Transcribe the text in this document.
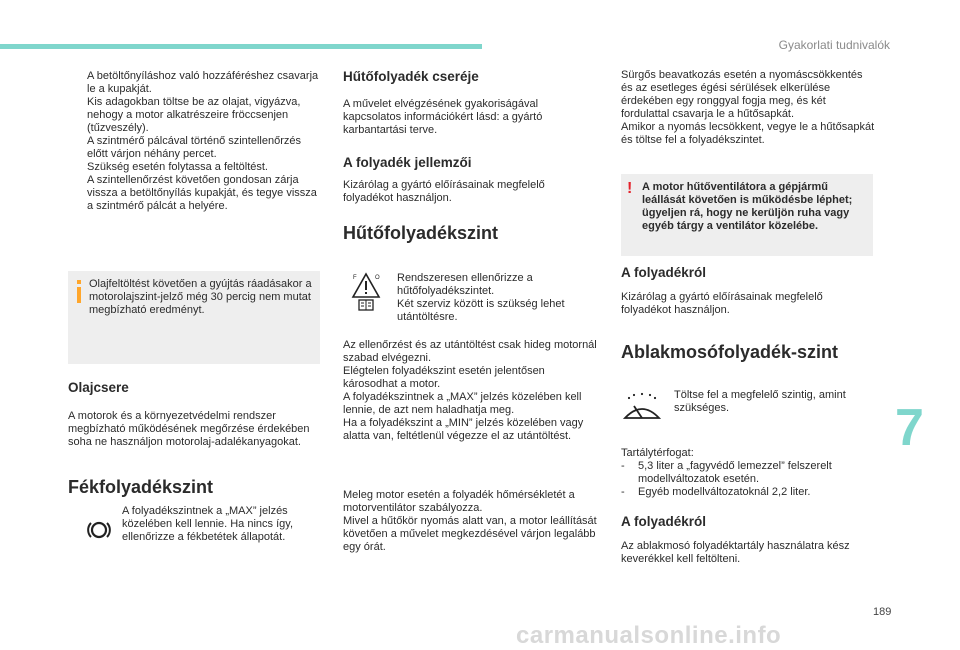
Gyakorlati tudnivalók
A betöltőnyíláshoz való hozzáféréshez csavarja le a kupakját.
Kis adagokban töltse be az olajat, vigyázva, nehogy a motor alkatrészeire fröccsenjen (tűzveszély).
A szintmérő pálcával történő szintellenőrzés előtt várjon néhány percet.
Szükség esetén folytassa a feltöltést.
A szintellenőrzést követően gondosan zárja vissza a betöltőnyílás kupakját, és tegye vissza a szintmérő pálcát a helyére.
Olajfeltöltést követően a gyújtás ráadásakor a motorolajszint-jelző még 30 percig nem mutat megbízható eredményt.
Olajcsere

A motorok és a környezetvédelmi rendszer megbízható működésének megőrzése érdekében soha ne használjon motorolaj-adalékanyagokat.

Fékfolyadékszint

A folyadékszintnek a „MAX” jelzés közelében kell lennie. Ha nincs így, ellenőrizze a fékbetétek állapotát.

Hűtőfolyadék cseréje

A művelet elvégzésének gyakoriságával kapcsolatos információkért lásd: a gyártó karbantartási terve.

A folyadék jellemzői

Kizárólag a gyártó előírásainak megfelelő folyadékot használjon.

Hűtőfolyadékszint
F	O Rendszeresen ellenőrizze a hűtőfolyadékszintet.
Két szerviz között is szükség lehet utántöltésre.

Az ellenőrzést és az utántöltést csak hideg motornál szabad elvégezni.
Elégtelen folyadékszint esetén jelentősen károsodhat a motor.
A folyadékszintnek a „MAX” jelzés közelében kell lennie, de azt nem haladhatja meg.
Ha a folyadékszint a „MIN” jelzés közelében vagy alatta van, feltétlenül végezze el az utántöltést.

Meleg motor esetén a folyadék hőmérsékletét a motorventilátor szabályozza.
Mivel a hűtőkör nyomás alatt van, a motor leállítását követően a művelet megkezdésével várjon legalább egy órát.

Sürgős beavatkozás esetén a nyomáscsökkentés és az esetleges égési sérülések elkerülése érdekében egy ronggyal fogja meg, és két fordulattal csavarja le a hűtősapkát.
Amikor a nyomás lecsökkent, vegye le a hűtősapkát és töltse fel a folyadékszintet.

! A motor hűtőventilátora a gépjármű leállását követően is működésbe léphet; ügyeljen rá, hogy ne kerüljön ruha vagy egyéb tárgy a ventilátor közelébe.
A folyadékról

Kizárólag a gyártó előírásainak megfelelő folyadékot használjon.

Ablakmosófolyadék-szint

Töltse fel a megfelelő szintig, amint szükséges.

Tartálytérfogat:

- 5,3 liter a „fagyvédő lemezzel” felszerelt modellváltozatok esetén.
- Egyéb modellváltozatoknál 2,2 liter.
A folyadékról

Az ablakmosó folyadéktartály használatra kész keverékkel kell feltölteni.

7
189
carmanualsonline.info
